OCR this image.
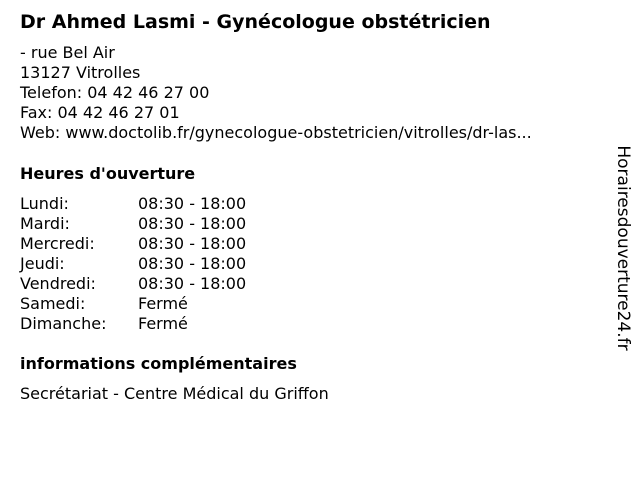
Dr Ahmed Lasmi - Gynécologue obstétricien
- rue Bel Air
13127 Vitrolles
Telefon: 04 42 46 27 00
Fax: 04 42 46 27 01
Web: www.doctolib.fr/gynecologue-obstetricien/vitrolles/dr-las...
Heures d'ouverture
Lundi:	08:30 - 18:00
Mardi:	08:30 - 18:00
Mercredi:	08:30 - 18:00
Jeudi:	08:30 - 18:00
Vendredi:	08:30 - 18:00
Samedi:	Fermé
Dimanche:	Fermé
informations complémentaires
Secrétariat - Centre Médical du Griffon
Horairesdouverture24.fr
